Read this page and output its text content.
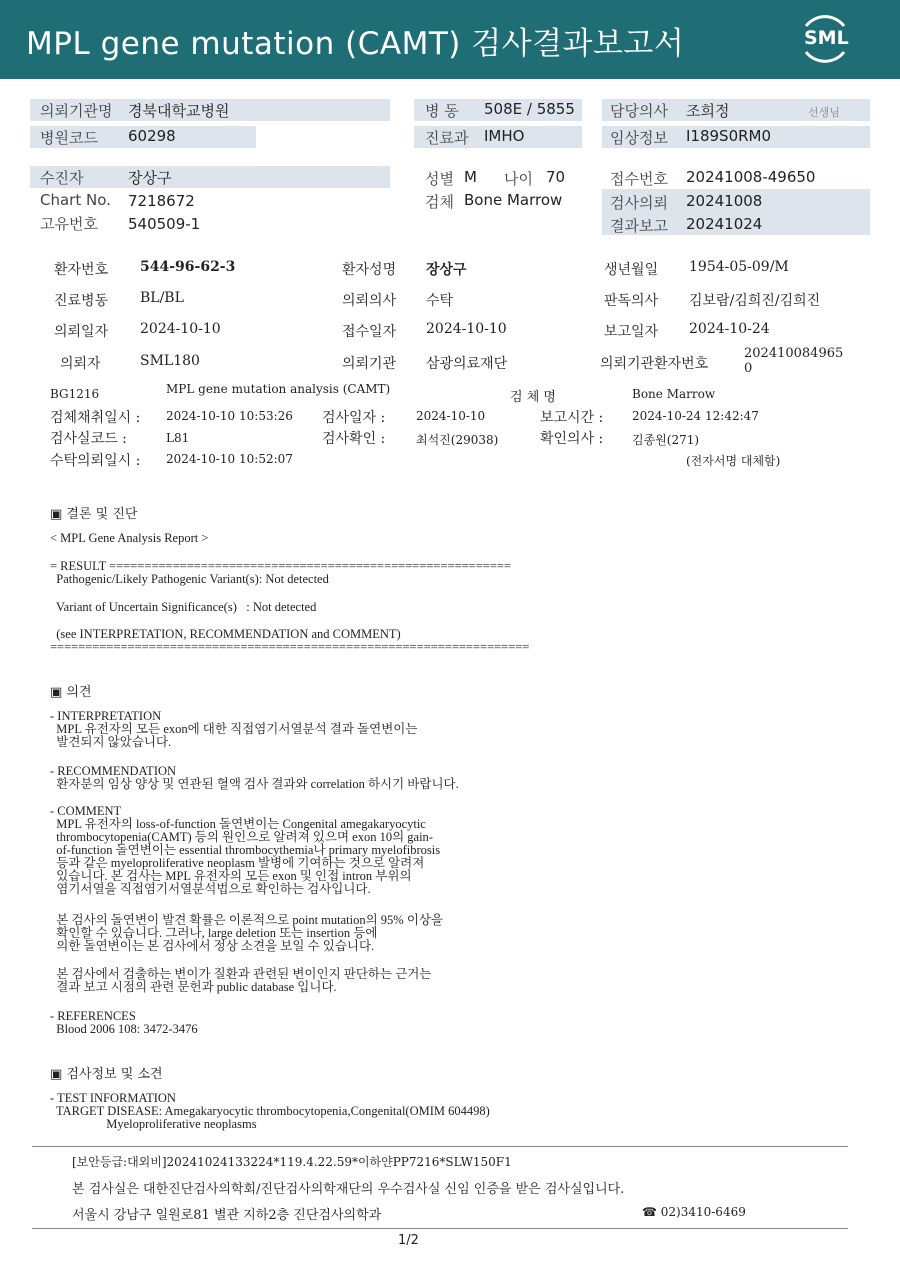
MPL gene mutation (CAMT) 검사결과보고서	SML
의뢰기관명 경북대학교병원
병원코드 60298
병 동 508E / 5855
진료과 IMHO
담당의사 조희정	선생님
임상정보 I189S0RM0
수진자	장상구
Chart No. 7218672
고유번호 540509-1
성별 M 나이 70
검체 Bone Marrow
접수번호 20241008-49650
검사의뢰 20241008
결과보고 20241024
환자번호 544-96-62-3	환자성명 장상구	생년월일 1954-05-09/M
진료병동 BL/BL	의뢰의사 수탁	판독의사 김보람/김희진/김희진
의뢰일자 2024-10-10	접수일자 2024-10-10	보고일자 2024-10-24
의뢰자	SML180	의뢰기관 삼광의료재단	의뢰기관환자번호
202410084965
0
BG1216	MPL gene mutation analysis (CAMT)
검 체 명	Bone Marrow
검체채취일시 : 2024-10-10 10:53:26 검사일자 :	2024-10-10	보고시간 : 2024-10-24 12:42:47
검사실코드 :	L81	검사확인 :	최석진(29038)	확인의사 : 김종원(271)
수탁의뢰일시 : 2024-10-10 10:52:07	(전자서명 대체함)
▣ 결론 및 진단
< MPL Gene Analysis Report >
= RESULT =========================================================
Pathogenic/Likely Pathogenic Variant(s): Not detected
Variant of Uncertain Significance(s)   : Not detected
(see INTERPRETATION, RECOMMENDATION and COMMENT)
====================================================================
▣ 의견
- INTERPRETATION
MPL 유전자의 모든 exon에 대한 직접염기서열분석 결과 돌연변이는
발견되지 않았습니다.
- RECOMMENDATION
환자분의 임상 양상 및 연관된 혈액 검사 결과와 correlation 하시기 바랍니다.
- COMMENT
MPL 유전자의 loss-of-function 돌연변이는 Congenital amegakaryocytic
thrombocytopenia(CAMT) 등의 원인으로 알려져 있으며 exon 10의 gain-
of-function 돌연변이는 essential thrombocythemia나 primary myelofibrosis
등과 같은 myeloproliferative neoplasm 발병에 기여하는 것으로 알려져
있습니다. 본 검사는 MPL 유전자의 모든 exon 및 인접 intron 부위의
염기서열을 직접염기서열분석법으로 확인하는 검사입니다.
본 검사의 돌연변이 발견 확률은 이론적으로 point mutation의 95% 이상을
확인할 수 있습니다. 그러나, large deletion 또는 insertion 등에
의한 돌연변이는 본 검사에서 정상 소견을 보일 수 있습니다.
본 검사에서 검출하는 변이가 질환과 관련된 변이인지 판단하는 근거는
결과 보고 시점의 관련 문헌과 public database 입니다.
- REFERENCES
Blood 2006 108: 3472-3476
▣ 검사정보 및 소견
- TEST INFORMATION
TARGET DISEASE: Amegakaryocytic thrombocytopenia,Congenital(OMIM 604498)
Myeloproliferative neoplasms
[보안등급:대외비]20241024133224*119.4.22.59*이하얀PP7216*SLW150F1
본 검사실은 대한진단검사의학회/진단검사의학재단의 우수검사실 신임 인증을 받은 검사실입니다.
서울시 강남구 일원로81 별관 지하2층 진단검사의학과	☎ 02)3410-6469
1/2
